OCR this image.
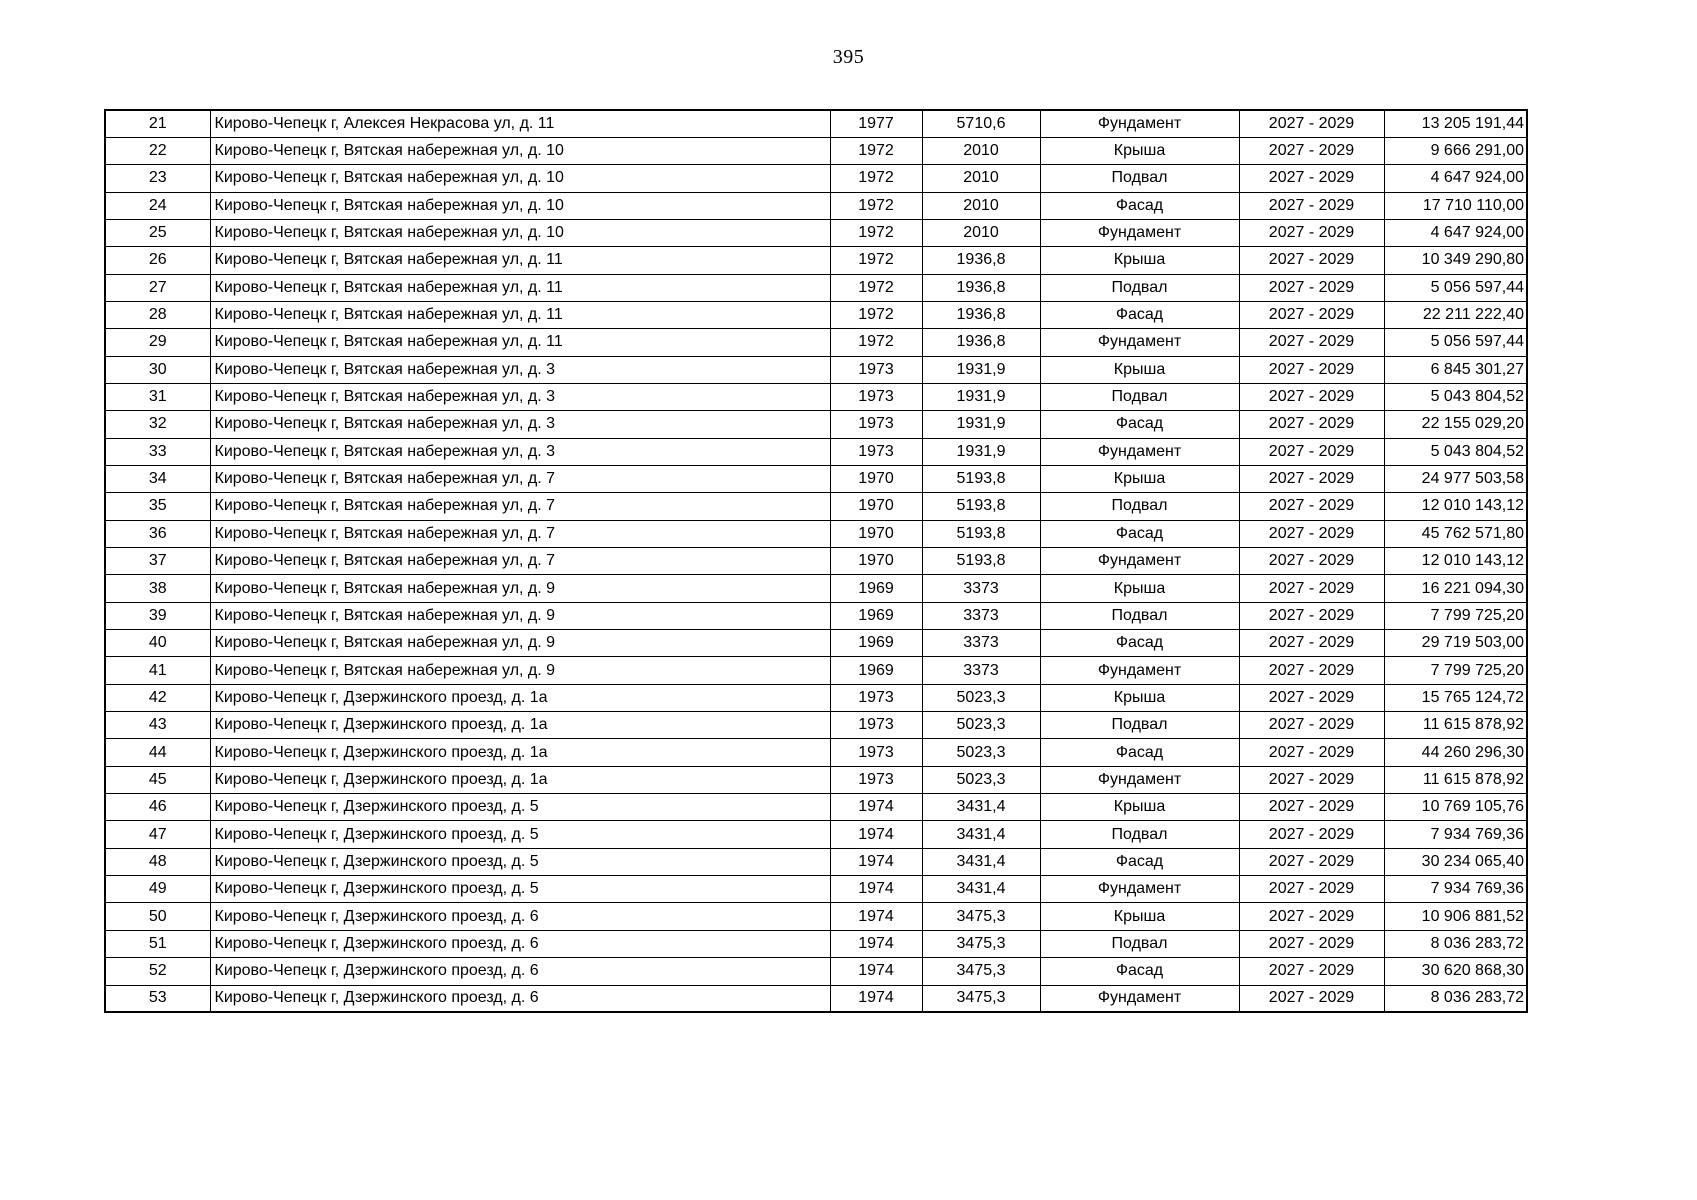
395
21	Кирово-Чепецк г, Алексея Некрасова ул, д. 11	1977	5710,6	Фундамент	2027 - 2029	13 205 191,44
22	Кирово-Чепецк г, Вятская набережная ул, д. 10	1972	2010	Крыша	2027 - 2029	9 666 291,00
23	Кирово-Чепецк г, Вятская набережная ул, д. 10	1972	2010	Подвал	2027 - 2029	4 647 924,00
24	Кирово-Чепецк г, Вятская набережная ул, д. 10	1972	2010	Фасад	2027 - 2029	17 710 110,00
25	Кирово-Чепецк г, Вятская набережная ул, д. 10	1972	2010	Фундамент	2027 - 2029	4 647 924,00
26	Кирово-Чепецк г, Вятская набережная ул, д. 11	1972	1936,8	Крыша	2027 - 2029	10 349 290,80
27	Кирово-Чепецк г, Вятская набережная ул, д. 11	1972	1936,8	Подвал	2027 - 2029	5 056 597,44
28	Кирово-Чепецк г, Вятская набережная ул, д. 11	1972	1936,8	Фасад	2027 - 2029	22 211 222,40
29	Кирово-Чепецк г, Вятская набережная ул, д. 11	1972	1936,8	Фундамент	2027 - 2029	5 056 597,44
30	Кирово-Чепецк г, Вятская набережная ул, д. 3	1973	1931,9	Крыша	2027 - 2029	6 845 301,27
31	Кирово-Чепецк г, Вятская набережная ул, д. 3	1973	1931,9	Подвал	2027 - 2029	5 043 804,52
32	Кирово-Чепецк г, Вятская набережная ул, д. 3	1973	1931,9	Фасад	2027 - 2029	22 155 029,20
33	Кирово-Чепецк г, Вятская набережная ул, д. 3	1973	1931,9	Фундамент	2027 - 2029	5 043 804,52
34	Кирово-Чепецк г, Вятская набережная ул, д. 7	1970	5193,8	Крыша	2027 - 2029	24 977 503,58
35	Кирово-Чепецк г, Вятская набережная ул, д. 7	1970	5193,8	Подвал	2027 - 2029	12 010 143,12
36	Кирово-Чепецк г, Вятская набережная ул, д. 7	1970	5193,8	Фасад	2027 - 2029	45 762 571,80
37	Кирово-Чепецк г, Вятская набережная ул, д. 7	1970	5193,8	Фундамент	2027 - 2029	12 010 143,12
38	Кирово-Чепецк г, Вятская набережная ул, д. 9	1969	3373	Крыша	2027 - 2029	16 221 094,30
39	Кирово-Чепецк г, Вятская набережная ул, д. 9	1969	3373	Подвал	2027 - 2029	7 799 725,20
40	Кирово-Чепецк г, Вятская набережная ул, д. 9	1969	3373	Фасад	2027 - 2029	29 719 503,00
41	Кирово-Чепецк г, Вятская набережная ул, д. 9	1969	3373	Фундамент	2027 - 2029	7 799 725,20
42	Кирово-Чепецк г, Дзержинского проезд, д. 1а	1973	5023,3	Крыша	2027 - 2029	15 765 124,72
43	Кирово-Чепецк г, Дзержинского проезд, д. 1а	1973	5023,3	Подвал	2027 - 2029	11 615 878,92
44	Кирово-Чепецк г, Дзержинского проезд, д. 1а	1973	5023,3	Фасад	2027 - 2029	44 260 296,30
45	Кирово-Чепецк г, Дзержинского проезд, д. 1а	1973	5023,3	Фундамент	2027 - 2029	11 615 878,92
46	Кирово-Чепецк г, Дзержинского проезд, д. 5	1974	3431,4	Крыша	2027 - 2029	10 769 105,76
47	Кирово-Чепецк г, Дзержинского проезд, д. 5	1974	3431,4	Подвал	2027 - 2029	7 934 769,36
48	Кирово-Чепецк г, Дзержинского проезд, д. 5	1974	3431,4	Фасад	2027 - 2029	30 234 065,40
49	Кирово-Чепецк г, Дзержинского проезд, д. 5	1974	3431,4	Фундамент	2027 - 2029	7 934 769,36
50	Кирово-Чепецк г, Дзержинского проезд, д. 6	1974	3475,3	Крыша	2027 - 2029	10 906 881,52
51	Кирово-Чепецк г, Дзержинского проезд, д. 6	1974	3475,3	Подвал	2027 - 2029	8 036 283,72
52	Кирово-Чепецк г, Дзержинского проезд, д. 6	1974	3475,3	Фасад	2027 - 2029	30 620 868,30
53	Кирово-Чепецк г, Дзержинского проезд, д. 6	1974	3475,3	Фундамент	2027 - 2029	8 036 283,72
